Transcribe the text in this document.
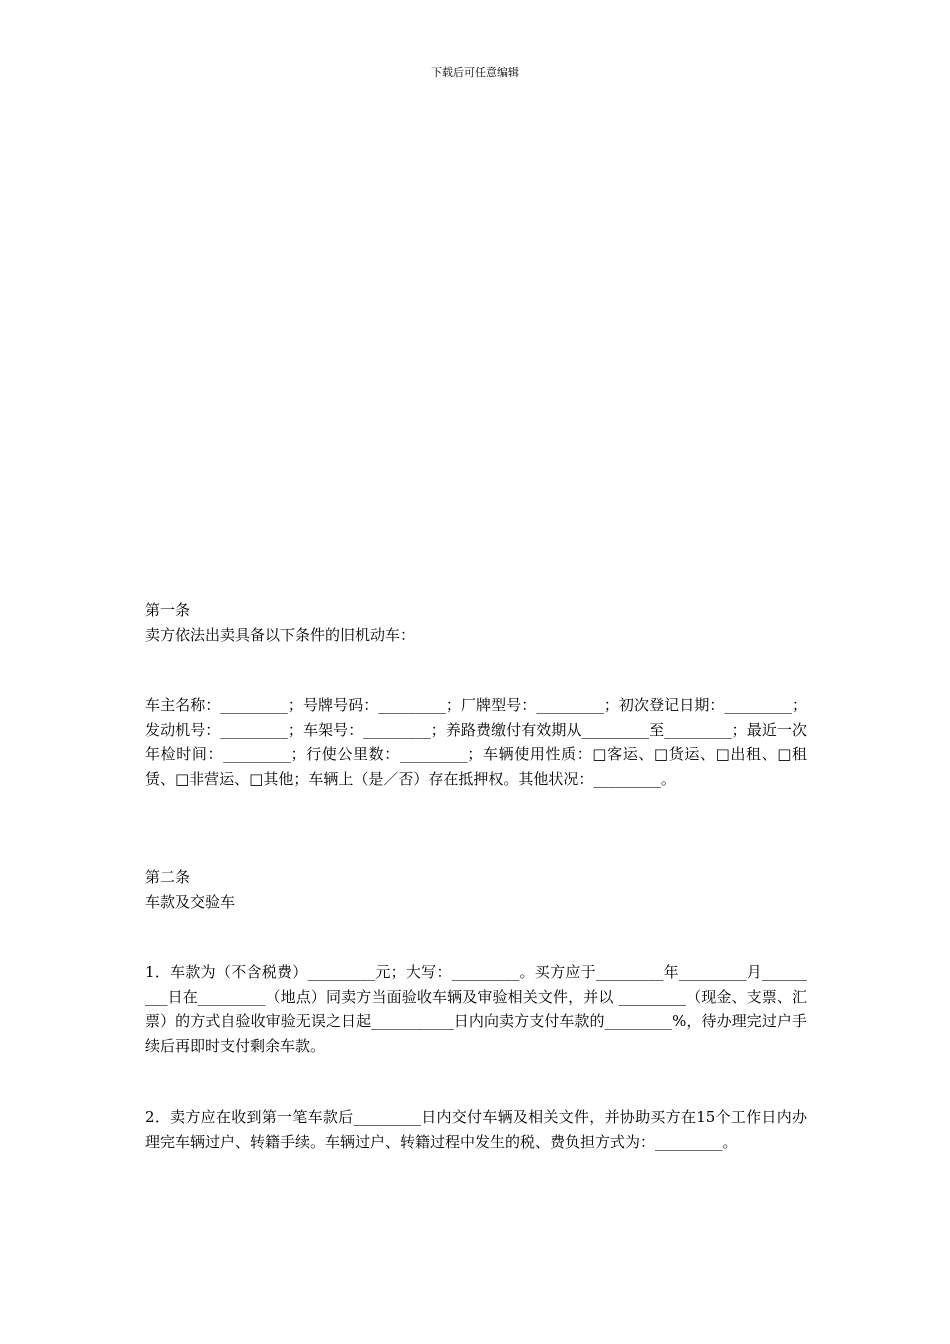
下载后可任意编辑

第一条

卖方依法出卖具备以下条件的旧机动车：

车主名称：_________；号牌号码：_________；厂牌型号：_________；初次登记日期：_________；发动机号：_________；车架号：_________；养路费缴付有效期从_________至_________；最近一次年检时间：_________；行使公里数：_________；车辆使用性质：□客运、□货运、□出租、□租赁、□非营运、□其他；车辆上（是／否）存在抵押权。其他状况：_________。

第二条

车款及交验车

1．车款为（不含税费）_________元；大写：_________。买方应于_________年_________月_________日在_________（地点）同卖方当面验收车辆及审验相关文件，并以 _________（现金、支票、汇票）的方式自验收审验无误之日起___________日内向卖方支付车款的_________%，待办理完过户手续后再即时支付剩余车款。

2．卖方应在收到第一笔车款后_________日内交付车辆及相关文件，并协助买方在15个工作日内办理完车辆过户、转籍手续。车辆过户、转籍过程中发生的税、费负担方式为：_________。
